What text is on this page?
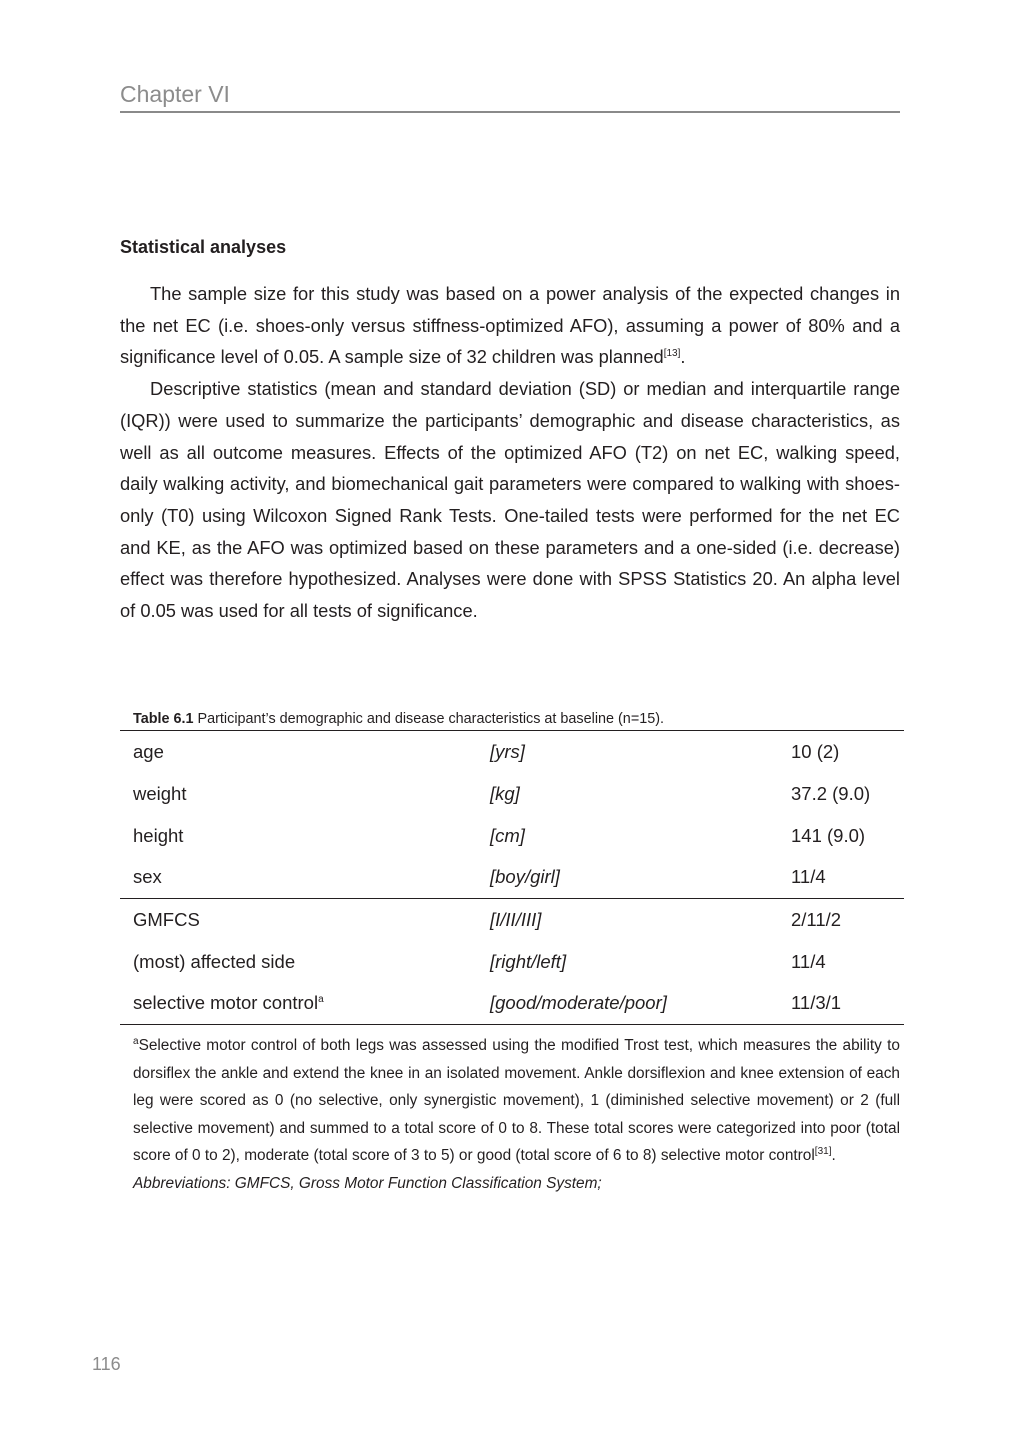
Chapter VI
Statistical analyses

The sample size for this study was based on a power analysis of the expected changes in the net EC (i.e. shoes-only versus stiffness-optimized AFO), assuming a power of 80% and a significance level of 0.05. A sample size of 32 children was planned[13].

Descriptive statistics (mean and standard deviation (SD) or median and interquartile range (IQR)) were used to summarize the participants’ demographic and disease characteristics, as well as all outcome measures. Effects of the optimized AFO (T2) on net EC, walking speed, daily walking activity, and biomechanical gait parameters were compared to walking with shoes-only (T0) using Wilcoxon Signed Rank Tests. One-tailed tests were performed for the net EC and KE, as the AFO was optimized based on these parameters and a one-sided (i.e. decrease) effect was therefore hypothesized. Analyses were done with SPSS Statistics 20. An alpha level of 0.05 was used for all tests of significance.

Table 6.1 Participant’s demographic and disease characteristics at baseline (n=15).
age	[yrs]	10 (2)
weight	[kg]	37.2 (9.0)
height	[cm]	141 (9.0)
sex	[boy/girl]	11/4
GMFCS	[I/II/III]	2/11/2
(most) affected side	[right/left]	11/4
selective motor control$^a$	[good/moderate/poor]	11/3/1

$^a$Selective motor control of both legs was assessed using the modified Trost test, which measures the ability to dorsiflex the ankle and extend the knee in an isolated movement. Ankle dorsiflexion and knee extension of each leg were scored as 0 (no selective, only synergistic movement), 1 (diminished selective movement) or 2 (full selective movement) and summed to a total score of 0 to 8. These total scores were categorized into poor (total score of 0 to 2), moderate (total score of 3 to 5) or good (total score of 6 to 8) selective motor control[31].

Abbreviations: GMFCS, Gross Motor Function Classification System;

116
